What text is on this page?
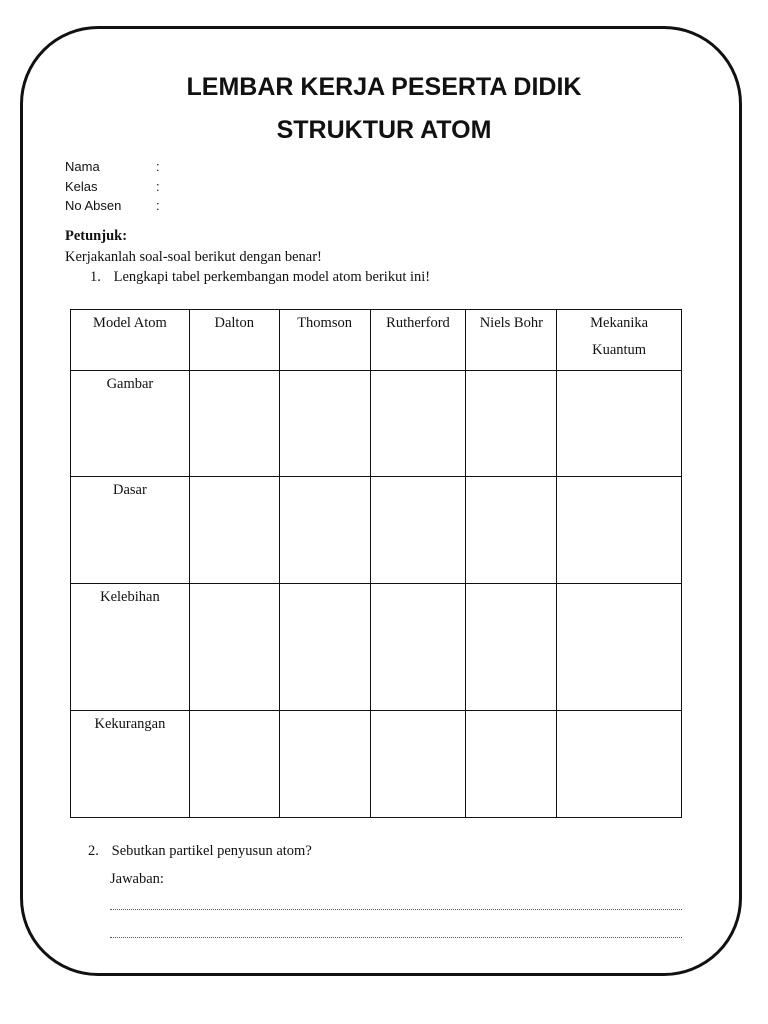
LEMBAR KERJA PESERTA DIDIK
STRUKTUR ATOM
Nama	:
Kelas	:
No Absen	:
Petunjuk:
Kerjakanlah soal-soal berikut dengan benar!
1. Lengkapi tabel perkembangan model atom berikut ini!
Model Atom	Dalton	Thomson	Rutherford	Niels Bohr	Mekanika
Kuantum

Gambar					
Dasar					
Kelebihan					
Kekurangan					
2. Sebutkan partikel penyusun atom?
Jawaban:
